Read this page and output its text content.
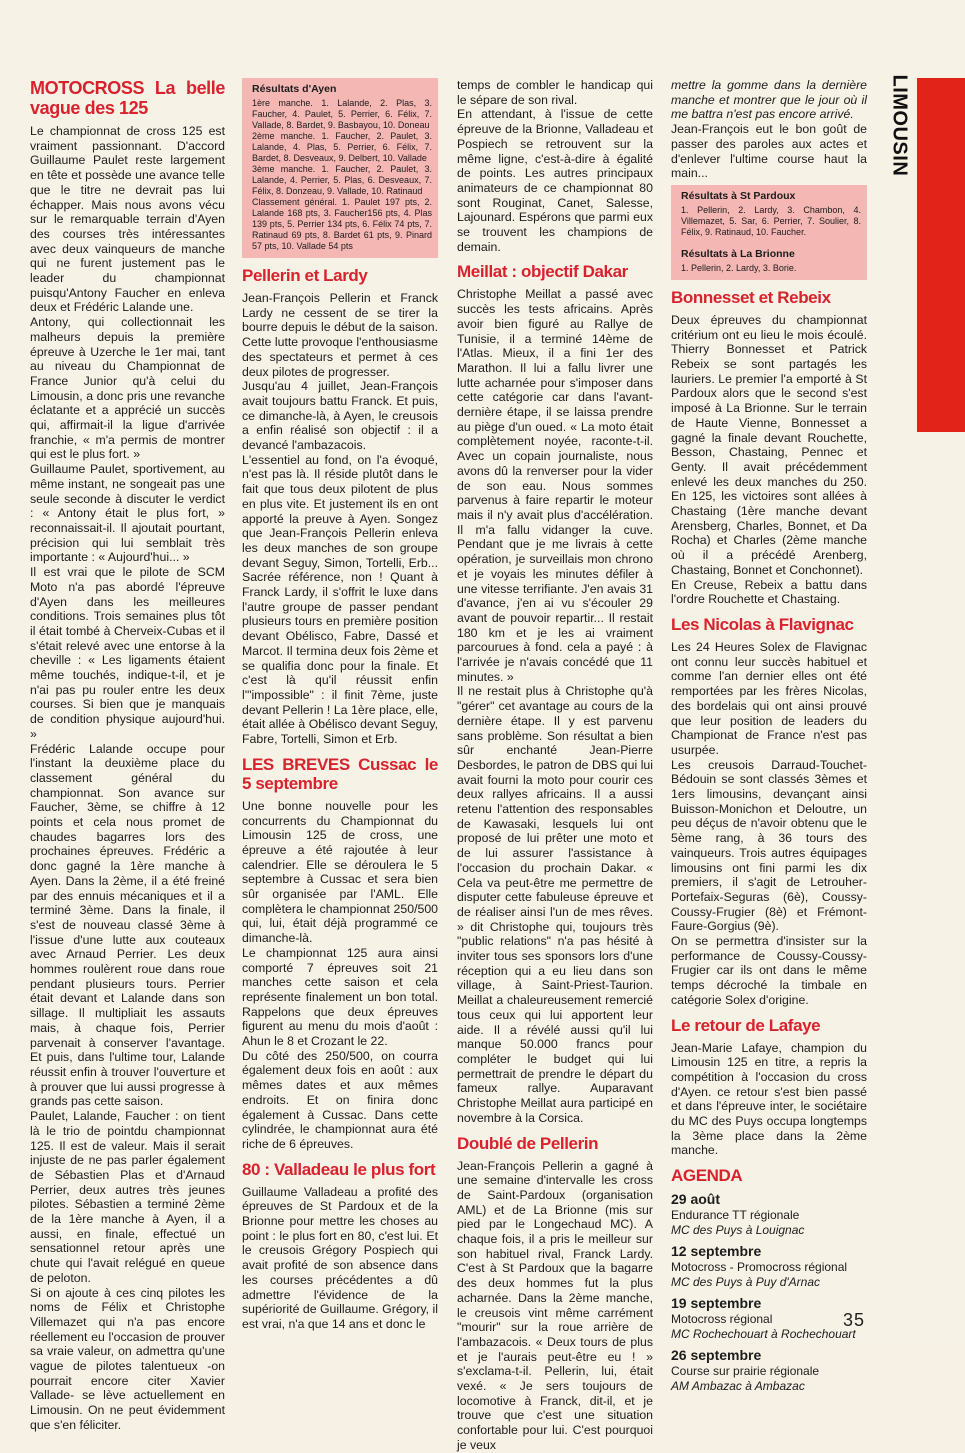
LIMOUSIN
MOTOCROSS La belle vague des 125

Le championnat de cross 125 est vraiment passionnant. D'accord Guillaume Paulet reste largement en tête et possède une avance telle que le titre ne devrait pas lui échapper. Mais nous avons vécu sur le remarquable terrain d'Ayen des courses très intéressantes avec deux vainqueurs de manche qui ne furent justement pas le leader du championnat puisqu'Antony Faucher en enleva deux et Frédéric Lalande une.

Antony, qui collectionnait les malheurs depuis la première épreuve à Uzerche le 1er mai, tant au niveau du Championnat de France Junior qu'à celui du Limousin, a donc pris une revanche éclatante et a apprécié un succès qui, affirmait-il la ligue d'arrivée franchie, « m'a permis de montrer qui est le plus fort. »

Guillaume Paulet, sportivement, au même instant, ne songeait pas une seule seconde à discuter le verdict : « Antony était le plus fort, » reconnaissait-il. Il ajoutait pourtant, précision qui lui semblait très importante : « Aujourd'hui... »

Il est vrai que le pilote de SCM Moto n'a pas abordé l'épreuve d'Ayen dans les meilleures conditions. Trois semaines plus tôt il était tombé à Cherveix-Cubas et il s'était relevé avec une entorse à la cheville : « Les ligaments étaient même touchés, indique-t-il, et je n'ai pas pu rouler entre les deux courses. Si bien que je manquais de condition physique aujourd'hui. »

Frédéric Lalande occupe pour l'instant la deuxième place du classement général du championnat. Son avance sur Faucher, 3ème, se chiffre à 12 points et cela nous promet de chaudes bagarres lors des prochaines épreuves. Frédéric a donc gagné la 1ère manche à Ayen. Dans la 2ème, il a été freiné par des ennuis mécaniques et il a terminé 3ème. Dans la finale, il s'est de nouveau classé 3ème à l'issue d'une lutte aux couteaux avec Arnaud Perrier. Les deux hommes roulèrent roue dans roue pendant plusieurs tours. Perrier était devant et Lalande dans son sillage. Il multipliait les assauts mais, à chaque fois, Perrier parvenait à conserver l'avantage. Et puis, dans l'ultime tour, Lalande réussit enfin à trouver l'ouverture et à prouver que lui aussi progresse à grands pas cette saison.

Paulet, Lalande, Faucher : on tient là le trio de pointdu championnat 125. Il est de valeur. Mais il serait injuste de ne pas parler également de Sébastien Plas et d'Arnaud Perrier, deux autres très jeunes pilotes. Sébastien a terminé 2ème de la 1ère manche à Ayen, il a aussi, en finale, effectué un sensationnel retour après une chute qui l'avait relégué en queue de peloton.

Si on ajoute à ces cinq pilotes les noms de Félix et Christophe Villemazet qui n'a pas encore réellement eu l'occasion de prouver sa vraie valeur, on admettra qu'une vague de pilotes talentueux -on pourrait encore citer Xavier Vallade- se lève actuellement en Limousin. On ne peut évidemment que s'en féliciter.

Résultats d'Ayen

1ère manche. 1. Lalande, 2. Plas, 3. Faucher, 4. Paulet, 5. Perrier, 6. Félix, 7. Vallade, 8. Bardet, 9. Basbayou, 10. Doneau

2ème manche. 1. Faucher, 2. Paulet, 3. Lalande, 4. Plas, 5. Perrier, 6. Félix, 7. Bardet, 8. Desveaux, 9. Delbert, 10. Vallade

3ème manche. 1. Faucher, 2. Paulet, 3. Lalande, 4. Perrier, 5. Plas, 6. Desveaux, 7. Félix, 8. Donzeau, 9. Vallade, 10. Ratinaud

Classement général. 1. Paulet 197 pts, 2. Lalande 168 pts, 3. Faucher156 pts, 4. Plas 139 pts, 5. Perrier 134 pts, 6. Félix 74 pts, 7. Ratinaud 69 pts, 8. Bardet 61 pts, 9. Pinard 57 pts, 10. Vallade 54 pts

Pellerin et Lardy

Jean-François Pellerin et Franck Lardy ne cessent de se tirer la bourre depuis le début de la saison. Cette lutte provoque l'enthousiasme des spectateurs et permet à ces deux pilotes de progresser.

Jusqu'au 4 juillet, Jean-François avait toujours battu Franck. Et puis, ce dimanche-là, à Ayen, le creusois a enfin réalisé son objectif : il a devancé l'ambazacois.

L'essentiel au fond, on l'a évoqué, n'est pas là. Il réside plutôt dans le fait que tous deux pilotent de plus en plus vite. Et justement ils en ont apporté la preuve à Ayen. Songez que Jean-François Pellerin enleva les deux manches de son groupe devant Seguy, Simon, Tortelli, Erb... Sacrée référence, non ! Quant à Franck Lardy, il s'offrit le luxe dans l'autre groupe de passer pendant plusieurs tours en première position devant Obélisco, Fabre, Dassé et Marcot. Il termina deux fois 2ème et se qualifia donc pour la finale. Et c'est là qu'il réussit enfin l'"impossible" : il finit 7ème, juste devant Pellerin ! La 1ère place, elle, était allée à Obélisco devant Seguy, Fabre, Tortelli, Simon et Erb.

LES BREVES Cussac le 5 septembre

Une bonne nouvelle pour les concurrents du Championnat du Limousin 125 de cross, une épreuve a été rajoutée à leur calendrier. Elle se déroulera le 5 septembre à Cussac et sera bien sûr organisée par l'AML. Elle complètera le championnat 250/500 qui, lui, était déjà programmé ce dimanche-là.

Le championnat 125 aura ainsi comporté 7 épreuves soit 21 manches cette saison et cela représente finalement un bon total. Rappelons que deux épreuves figurent au menu du mois d'août : Ahun le 8 et Crozant le 22.

Du côté des 250/500, on courra également deux fois en août : aux mêmes dates et aux mêmes endroits. Et on finira donc également à Cussac. Dans cette cylindrée, le championnat aura été riche de 6 épreuves.

80 : Valladeau le plus fort

Guillaume Valladeau a profité des épreuves de St Pardoux et de la Brionne pour mettre les choses au point : le plus fort en 80, c'est lui. Et le creusois Grégory Pospiech qui avait profité de son absence dans les courses précédentes a dû admettre l'évidence de la supériorité de Guillaume. Grégory, il est vrai, n'a que 14 ans et donc le

temps de combler le handicap qui le sépare de son rival.

En attendant, à l'issue de cette épreuve de la Brionne, Valladeau et Pospiech se retrouvent sur la même ligne, c'est-à-dire à égalité de points. Les autres principaux animateurs de ce championnat 80 sont Rouginat, Canet, Salesse, Lajounard. Espérons que parmi eux se trouvent les champions de demain.

Meillat : objectif Dakar

Christophe Meillat a passé avec succès les tests africains. Après avoir bien figuré au Rallye de Tunisie, il a terminé 14ème de l'Atlas. Mieux, il a fini 1er des Marathon. Il lui a fallu livrer une lutte acharnée pour s'imposer dans cette catégorie car dans l'avant-dernière étape, il se laissa prendre au piège d'un oued. « La moto était complètement noyée, raconte-t-il. Avec un copain journaliste, nous avons dû la renverser pour la vider de son eau. Nous sommes parvenus à faire repartir le moteur mais il n'y avait plus d'accélération. Il m'a fallu vidanger la cuve. Pendant que je me livrais à cette opération, je surveillais mon chrono et je voyais les minutes défiler à une vitesse terrifiante. J'en avais 31 d'avance, j'en ai vu s'écouler 29 avant de pouvoir repartir... Il restait 180 km et je les ai vraiment parcourues à fond. cela a payé : à l'arrivée je n'avais concédé que 11 minutes. »

Il ne restait plus à Christophe qu'à "gérer" cet avantage au cours de la dernière étape. Il y est parvenu sans problème. Son résultat a bien sûr enchanté Jean-Pierre Desbordes, le patron de DBS qui lui avait fourni la moto pour courir ces deux rallyes africains. Il a aussi retenu l'attention des responsables de Kawasaki, lesquels lui ont proposé de lui prêter une moto et de lui assurer l'assistance à l'occasion du prochain Dakar. « Cela va peut-être me permettre de disputer cette fabuleuse épreuve et de réaliser ainsi l'un de mes rêves. » dit Christophe qui, toujours très "public relations" n'a pas hésité à inviter tous ses sponsors lors d'une réception qui a eu lieu dans son village, à Saint-Priest-Taurion. Meillat a chaleureusement remercié tous ceux qui lui apportent leur aide. Il a révélé aussi qu'il lui manque 50.000 francs pour compléter le budget qui lui permettrait de prendre le départ du fameux rallye. Auparavant Christophe Meillat aura participé en novembre à la Corsica.

Doublé de Pellerin

Jean-François Pellerin a gagné à une semaine d'intervalle les cross de Saint-Pardoux (organisation AML) et de La Brionne (mis sur pied par le Longechaud MC). A chaque fois, il a pris le meilleur sur son habituel rival, Franck Lardy. C'est à St Pardoux que la bagarre des deux hommes fut la plus acharnée. Dans la 2ème manche, le creusois vint même carrément "mourir" sur la roue arrière de l'ambazacois. « Deux tours de plus et je l'aurais peut-être eu ! » s'exclama-t-il. Pellerin, lui, était vexé. « Je sers toujours de locomotive à Franck, dit-il, et je trouve que c'est une situation confortable pour lui. C'est pourquoi je veux

mettre la gomme dans la dernière manche et montrer que le jour où il me battra n'est pas encore arrivé.

Jean-François eut le bon goût de passer des paroles aux actes et d'enlever l'ultime course haut la main...

Résultats à St Pardoux

1. Pellerin, 2. Lardy, 3. Chambon, 4. Villemazet, 5. Sar, 6. Perrier, 7. Soulier, 8. Félix, 9. Ratinaud, 10. Faucher.

Résultats à La Brionne

1. Pellerin, 2. Lardy, 3. Borie.

Bonnesset et Rebeix

Deux épreuves du championnat critérium ont eu lieu le mois écoulé. Thierry Bonnesset et Patrick Rebeix se sont partagés les lauriers. Le premier l'a emporté à St Pardoux alors que le second s'est imposé à La Brionne. Sur le terrain de Haute Vienne, Bonnesset a gagné la finale devant Rouchette, Besson, Chastaing, Pennec et Genty. Il avait précédemment enlevé les deux manches du 250. En 125, les victoires sont allées à Chastaing (1ère manche devant Arensberg, Charles, Bonnet, et Da Rocha) et Charles (2ème manche où il a précédé Arenberg, Chastaing, Bonnet et Conchonnet).

En Creuse, Rebeix a battu dans l'ordre Rouchette et Chastaing.

Les Nicolas à Flavignac

Les 24 Heures Solex de Flavignac ont connu leur succès habituel et comme l'an dernier elles ont été remportées par les frères Nicolas, des bordelais qui ont ainsi prouvé que leur position de leaders du Championat de France n'est pas usurpée.

Les creusois Darraud-Touchet-Bédouin se sont classés 3èmes et 1ers limousins, devançant ainsi Buisson-Monichon et Deloutre, un peu déçus de n'avoir obtenu que le 5ème rang, à 36 tours des vainqueurs. Trois autres équipages limousins ont fini parmi les dix premiers, il s'agit de Letrouher-Portefaix-Seguras (6è), Coussy-Coussy-Frugier (8è) et Frémont-Faure-Gorgius (9è).

On se permettra d'insister sur la performance de Coussy-Coussy-Frugier car ils ont dans le même temps décroché la timbale en catégorie Solex d'origine.

Le retour de Lafaye

Jean-Marie Lafaye, champion du Limousin 125 en titre, a repris la compétition à l'occasion du cross d'Ayen. ce retour s'est bien passé et dans l'épreuve inter, le sociétaire du MC des Puys occupa longtemps la 3ème place dans la 2ème manche.

AGENDA
29 août
Endurance TT régionale
MC des Puys à Louignac
12 septembre
Motocross - Promocross régional
MC des Puys à Puy d'Arnac
19 septembre
Motocross régional
MC Rochechouart à Rochechouart
26 septembre
Course sur prairie régionale
AM Ambazac à Ambazac
35
